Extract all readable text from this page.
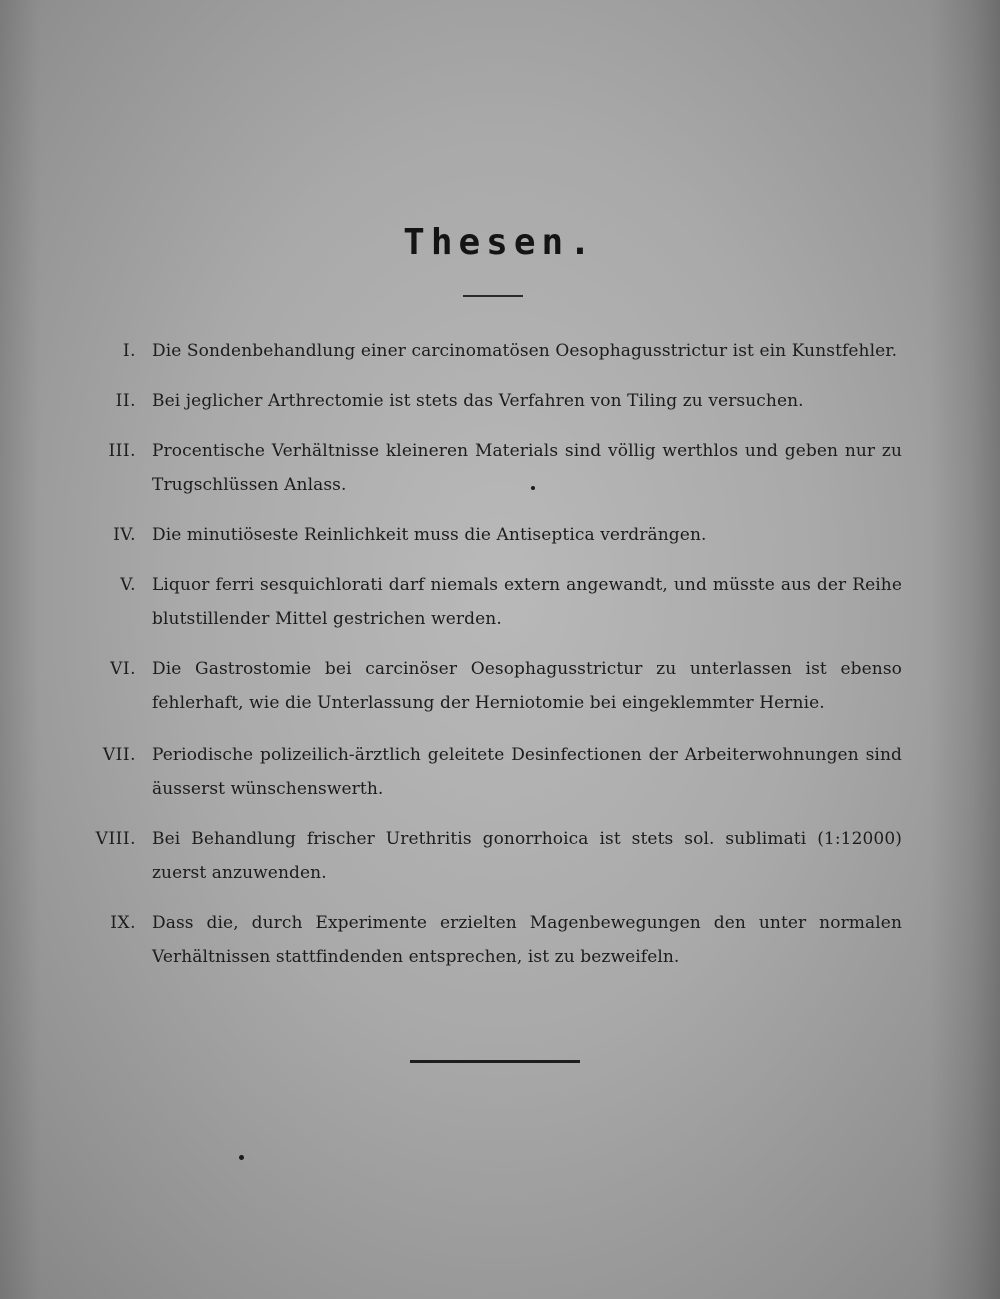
Thesen.
I. Die Sondenbehandlung einer carcinomatösen Oesophagusstrictur ist ein Kunstfehler.
II. Bei jeglicher Arthrectomie ist stets das Verfahren von Tiling zu versuchen.
III. Procentische Verhältnisse kleineren Materials sind völlig werthlos und geben nur zu Trugschlüssen Anlass.
IV. Die minutiöseste Reinlichkeit muss die Antiseptica verdrängen.
V. Liquor ferri sesquichlorati darf niemals extern angewandt, und müsste aus der Reihe blutstillender Mittel gestrichen werden.
VI. Die Gastrostomie bei carcinöser Oesophagusstrictur zu unterlassen ist ebenso fehlerhaft, wie die Unterlassung der Herniotomie bei eingeklemmter Hernie.
VII. Periodische polizeilich-ärztlich geleitete Desinfectionen der Arbeiterwohnungen sind äusserst wünschenswerth.
VIII. Bei Behandlung frischer Urethritis gonorrhoica ist stets sol. sublimati (1:12000) zuerst anzuwenden.
IX. Dass die, durch Experimente erzielten Magenbewegungen den unter normalen Verhältnissen stattfindenden entsprechen, ist zu bezweifeln.
